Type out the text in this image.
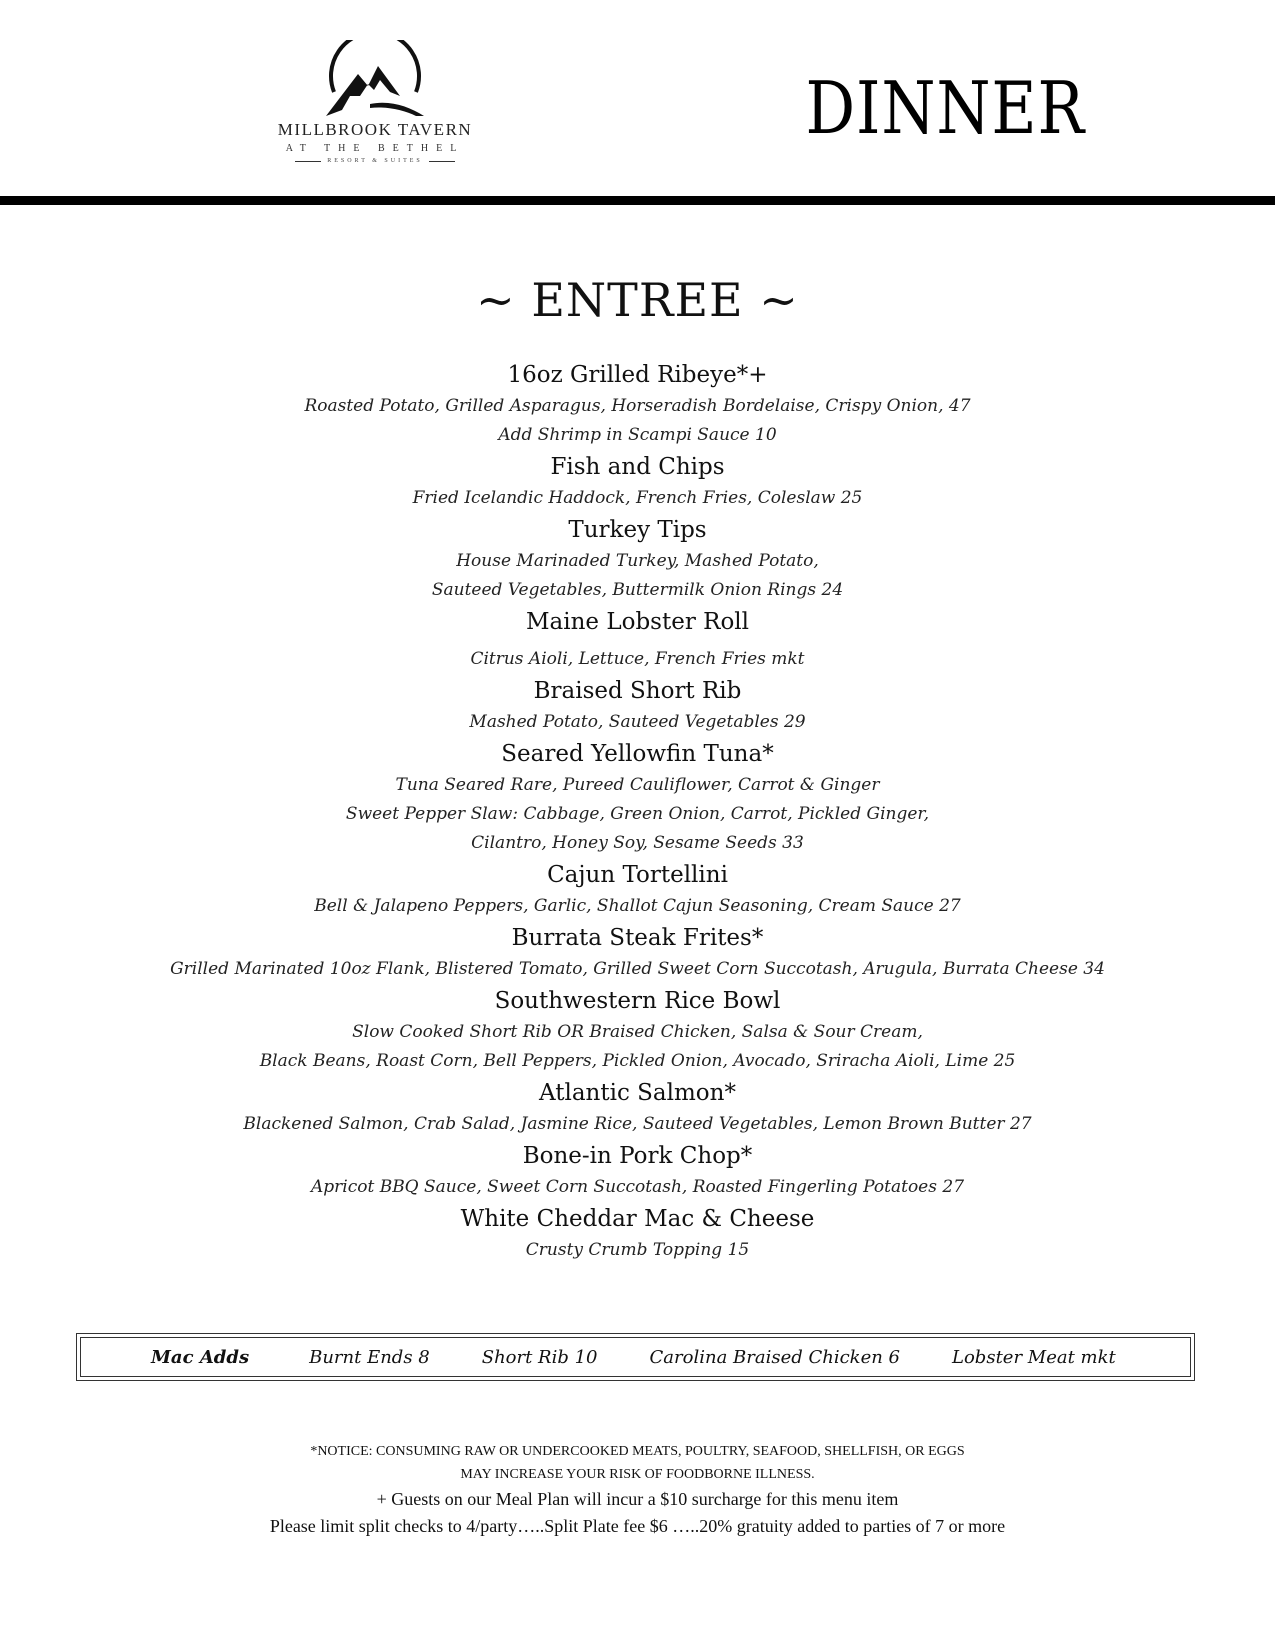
MILLBROOK TAVERN
AT THE BETHEL
RESORT & SUITES
DINNER
~ ENTREE ~
16oz Grilled Ribeye*+
Roasted Potato, Grilled Asparagus, Horseradish Bordelaise, Crispy Onion, 47
Add Shrimp in Scampi Sauce 10
Fish and Chips
Fried Icelandic Haddock, French Fries, Coleslaw 25
Turkey Tips
House Marinaded Turkey, Mashed Potato,
Sauteed Vegetables, Buttermilk Onion Rings 24
Maine Lobster Roll
Citrus Aioli, Lettuce, French Fries mkt
Braised Short Rib
Mashed Potato, Sauteed Vegetables 29
Seared Yellowfin Tuna*
Tuna Seared Rare, Pureed Cauliflower, Carrot & Ginger
Sweet Pepper Slaw: Cabbage, Green Onion, Carrot, Pickled Ginger,
Cilantro, Honey Soy, Sesame Seeds 33
Cajun Tortellini
Bell & Jalapeno Peppers, Garlic, Shallot Cajun Seasoning, Cream Sauce 27
Burrata Steak Frites*
Grilled Marinated 10oz Flank, Blistered Tomato, Grilled Sweet Corn Succotash, Arugula, Burrata Cheese 34
Southwestern Rice Bowl
Slow Cooked Short Rib OR Braised Chicken, Salsa & Sour Cream,
Black Beans, Roast Corn, Bell Peppers, Pickled Onion, Avocado, Sriracha Aioli, Lime 25
Atlantic Salmon*
Blackened Salmon, Crab Salad, Jasmine Rice, Sauteed Vegetables, Lemon Brown Butter 27
Bone-in Pork Chop*
Apricot BBQ Sauce, Sweet Corn Succotash, Roasted Fingerling Potatoes 27
White Cheddar Mac & Cheese
Crusty Crumb Topping 15
Mac Adds	Burnt Ends 8	Short Rib 10	Carolina Braised Chicken 6	Lobster Meat mkt
*NOTICE: CONSUMING RAW OR UNDERCOOKED MEATS, POULTRY, SEAFOOD, SHELLFISH, OR EGGS
MAY INCREASE YOUR RISK OF FOODBORNE ILLNESS.
+ Guests on our Meal Plan will incur a $10 surcharge for this menu item
Please limit split checks to 4/party…..Split Plate fee $6 …..20% gratuity added to parties of 7 or more
